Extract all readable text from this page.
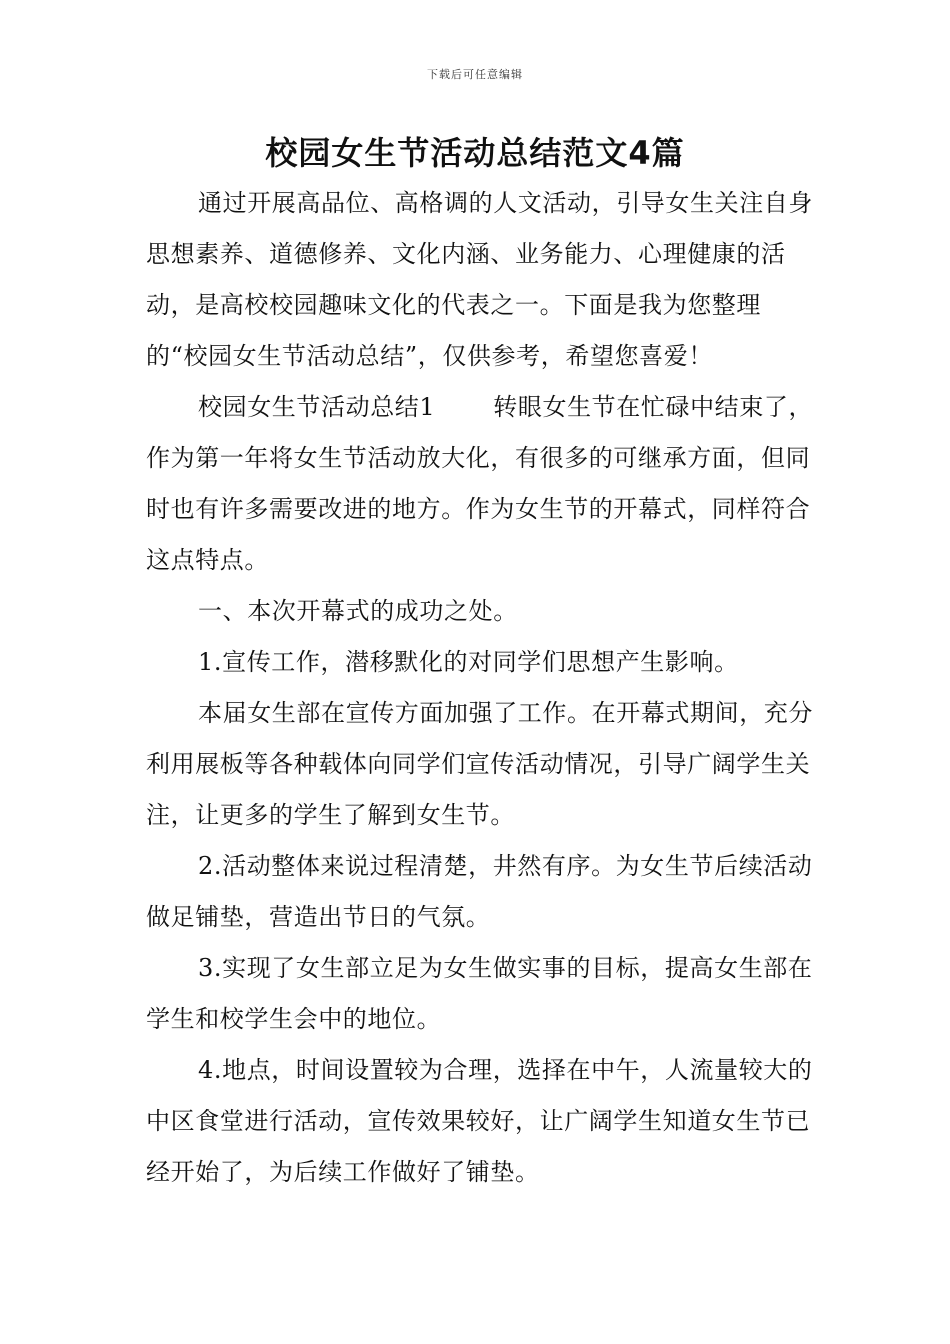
下载后可任意编辑
校园女生节活动总结范文4篇

通过开展高品位、高格调的人文活动，引导女生关注自身思想素养、道德修养、文化内涵、业务能力、心理健康的活动，是高校校园趣味文化的代表之一。下面是我为您整理的“校园女生节活动总结”，仅供参考，希望您喜爱！

校园女生节活动总结1 转眼女生节在忙碌中结束了，作为第一年将女生节活动放大化，有很多的可继承方面，但同时也有许多需要改进的地方。作为女生节的开幕式，同样符合这点特点。

一、本次开幕式的成功之处。

1.宣传工作，潜移默化的对同学们思想产生影响。

本届女生部在宣传方面加强了工作。在开幕式期间，充分利用展板等各种载体向同学们宣传活动情况，引导广阔学生关注，让更多的学生了解到女生节。

2.活动整体来说过程清楚，井然有序。为女生节后续活动做足铺垫，营造出节日的气氛。

3.实现了女生部立足为女生做实事的目标，提高女生部在学生和校学生会中的地位。

4.地点，时间设置较为合理，选择在中午，人流量较大的中区食堂进行活动，宣传效果较好，让广阔学生知道女生节已经开始了，为后续工作做好了铺垫。
